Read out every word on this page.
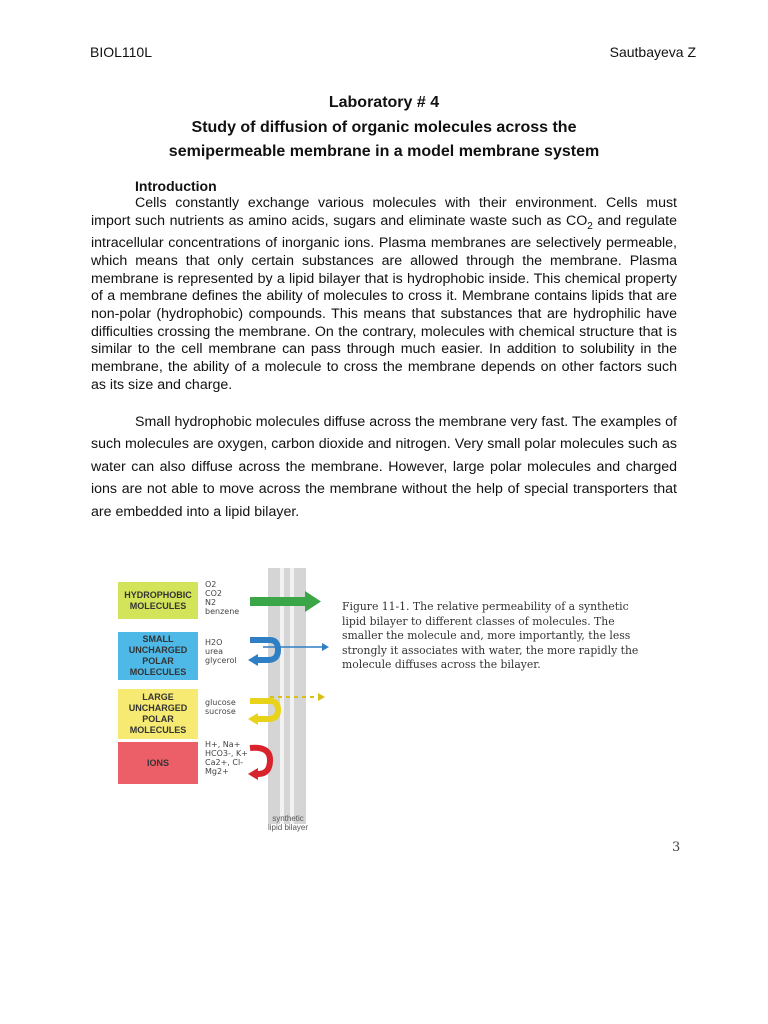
BIOL110L	Sautbayeva Z
Laboratory # 4
Study of diffusion of organic molecules across the
semipermeable membrane in a model membrane system
Introduction
Cells constantly exchange various molecules with their environment. Cells must import such nutrients as amino acids, sugars and eliminate waste such as $CO_2$ and regulate intracellular concentrations of inorganic ions. Plasma membranes are selectively permeable, which means that only certain substances are allowed through the membrane. Plasma membrane is represented by a lipid bilayer that is hydrophobic inside. This chemical property of a membrane defines the ability of molecules to cross it. Membrane contains lipids that are non-polar (hydrophobic) compounds. This means that substances that are hydrophilic have difficulties crossing the membrane. On the contrary, molecules with chemical structure that is similar to the cell membrane can pass through much easier. In addition to solubility in the membrane, the ability of a molecule to cross the membrane depends on other factors such as its size and charge.
Small hydrophobic molecules diffuse across the membrane very fast. The examples of such molecules are oxygen, carbon dioxide and nitrogen. Very small polar molecules such as water can also diffuse across the membrane. However, large polar molecules and charged ions are not able to move across the membrane without the help of special transporters that are embedded into a lipid bilayer.
HYDROPHOBIC MOLECULES
SMALL UNCHARGED POLAR MOLECULES
LARGE UNCHARGED POLAR MOLECULES
IONS
O2
CO2
N2
benzene
H2O
urea
glycerol
glucose
sucrose
H+, Na+
HCO3-, K+
Ca2+, Cl-
Mg2+
synthetic lipid bilayer
Figure 11-1. The relative permeability of a synthetic lipid bilayer to different classes of molecules. The smaller the molecule and, more importantly, the less strongly it associates with water, the more rapidly the molecule diffuses across the bilayer.
3
